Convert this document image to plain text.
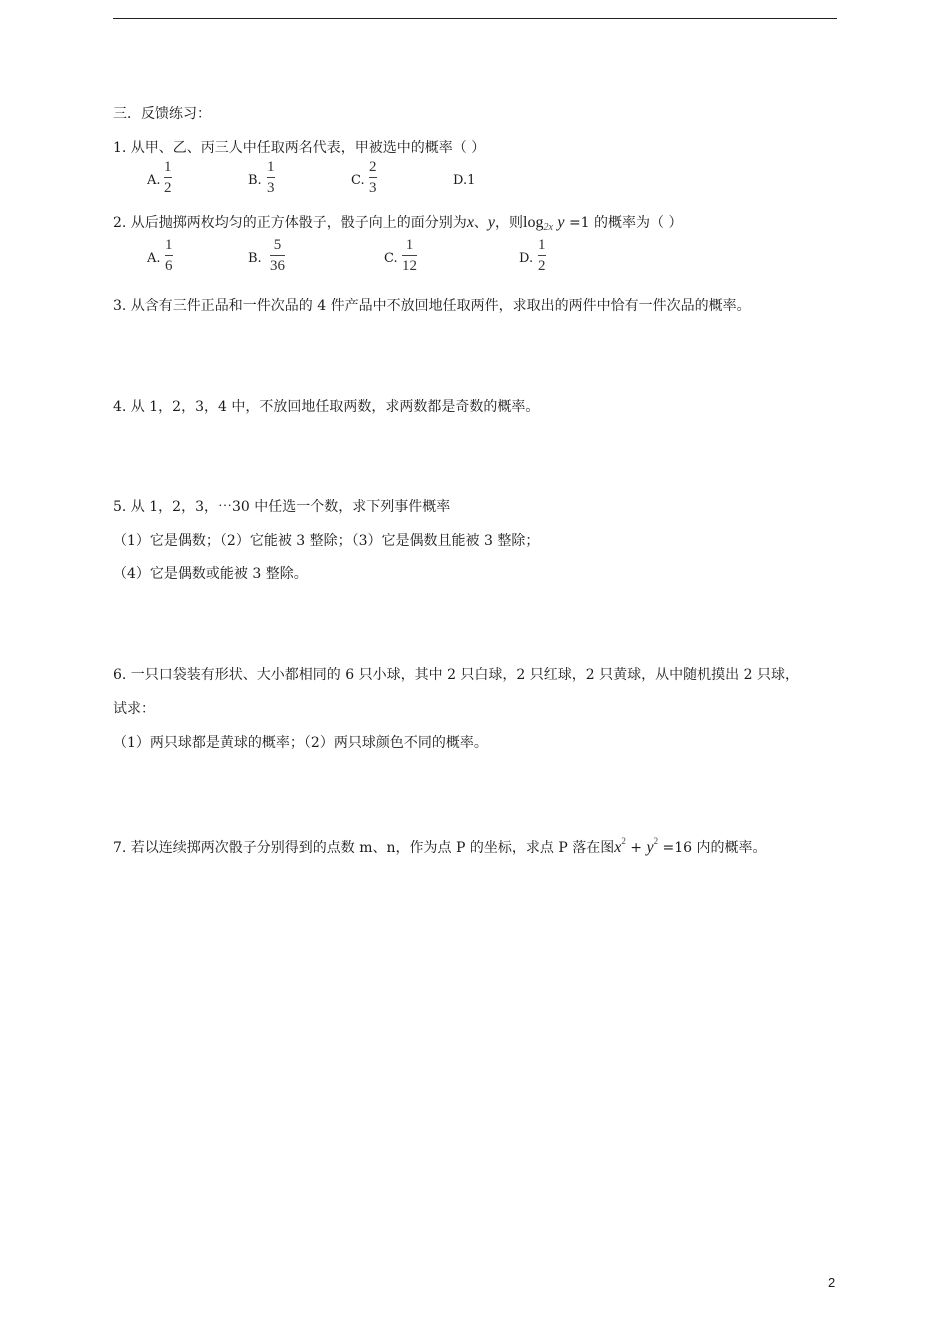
三．反馈练习：
1. 从甲、乙、丙三人中任取两名代表，甲被选中的概率（ ）
A.
1
2	B.
1
3	C.
2
3	D.1
2. 从后抛掷两枚均匀的正方体骰子，骰子向上的面分别为x、y，则$\log_{2x} y =1$ 的概率为（ ）
A.
1
6	B.
5
36	C.
1
12	D.
1
2
3. 从含有三件正品和一件次品的 4 件产品中不放回地任取两件，求取出的两件中恰有一件次品的概率。
4. 从 1，2，3，4 中，不放回地任取两数，求两数都是奇数的概率。
5. 从 1，2，3，⋯30 中任选一个数，求下列事件概率
（1）它是偶数；（2）它能被 3 整除；（3）它是偶数且能被 3 整除；
（4）它是偶数或能被 3 整除。
6. 一只口袋装有形状、大小都相同的 6 只小球，其中 2 只白球，2 只红球，2 只黄球，从中随机摸出 2 只球，
试求：
（1）两只球都是黄球的概率；（2）两只球颜色不同的概率。
7. 若以连续掷两次骰子分别得到的点数 m、n，作为点 P 的坐标，求点 P 落在图$x^2 + y^2 =16$ 内的概率。
2
